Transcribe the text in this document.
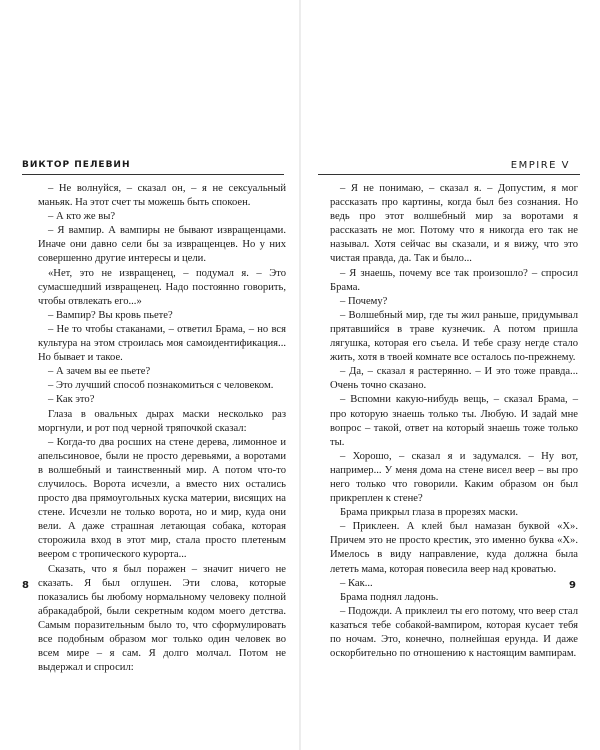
ВИКТОР ПЕЛЕВИН

– Не волнуйся, – сказал он, – я не сексуальный маньяк. На этот счет ты можешь быть спокоен.

– А кто же вы?

– Я вампир. А вампиры не бывают извращенцами. Иначе они давно сели бы за извращенцев. Но у них совершенно другие интересы и цели.

«Нет, это не извращенец, – подумал я. – Это сумасшедший извращенец. Надо постоянно говорить, чтобы отвлекать его...»

– Вампир? Вы кровь пьете?

– Не то чтобы стаканами, – ответил Брама, – но вся культура на этом строилась моя самоидентификация... Но бывает и такое.

– А зачем вы ее пьете?

– Это лучший способ познакомиться с человеком.

– Как это?

Глаза в овальных дырах маски несколько раз моргнули, и рот под черной тряпочкой сказал:

– Когда-то два росших на стене дерева, лимонное и апельсиновое, были не просто деревьями, а воротами в волшебный и таинственный мир. А потом что-то случилось. Ворота исчезли, а вместо них остались просто два прямоугольных куска материи, висящих на стене. Исчезли не только ворота, но и мир, куда они вели. А даже страшная летающая собака, которая сторожила вход в этот мир, стала просто плетеным веером с тропического курорта...

Сказать, что я был поражен – значит ничего не сказать. Я был оглушен. Эти слова, которые показались бы любому нормальному человеку полной абракадаброй, были секретным кодом моего детства. Самым поразительным было то, что сформулировать все подобным образом мог только один человек во всем мире – я сам. Я долго молчал. Потом не выдержал и спросил:

8
EMPIRE V

– Я не понимаю, – сказал я. – Допустим, я мог рассказать про картины, когда был без сознания. Но ведь про этот волшебный мир за воротами я рассказать не мог. Потому что я никогда его так не называл. Хотя сейчас вы сказали, и я вижу, что это чистая правда, да. Так и было...

– Я знаешь, почему все так произошло? – спросил Брама.

– Почему?

– Волшебный мир, где ты жил раньше, придумывал прятавшийся в траве кузнечик. А потом пришла лягушка, которая его съела. И тебе сразу негде стало жить, хотя в твоей комнате все осталось по-прежнему.

– Да, – сказал я растерянно. – И это тоже правда... Очень точно сказано.

– Вспомни какую-нибудь вещь, – сказал Брама, – про которую знаешь только ты. Любую. И задай мне вопрос – такой, ответ на который знаешь тоже только ты.

– Хорошо, – сказал я и задумался. – Ну вот, например... У меня дома на стене висел веер – вы про него только что говорили. Каким образом он был прикреплен к стене?

Брама прикрыл глаза в прорезях маски.

– Приклеен. А клей был намазан буквой «Х». Причем это не просто крестик, это именно буква «Х». Имелось в виду направление, куда должна была лететь мама, которая повесила веер над кроватью.

– Как...

Брама поднял ладонь.

– Подожди. А приклеил ты его потому, что веер стал казаться тебе собакой-вампиром, которая кусает тебя по ночам. Это, конечно, полнейшая ерунда. И даже оскорбительно по отношению к настоящим вампирам.

9
